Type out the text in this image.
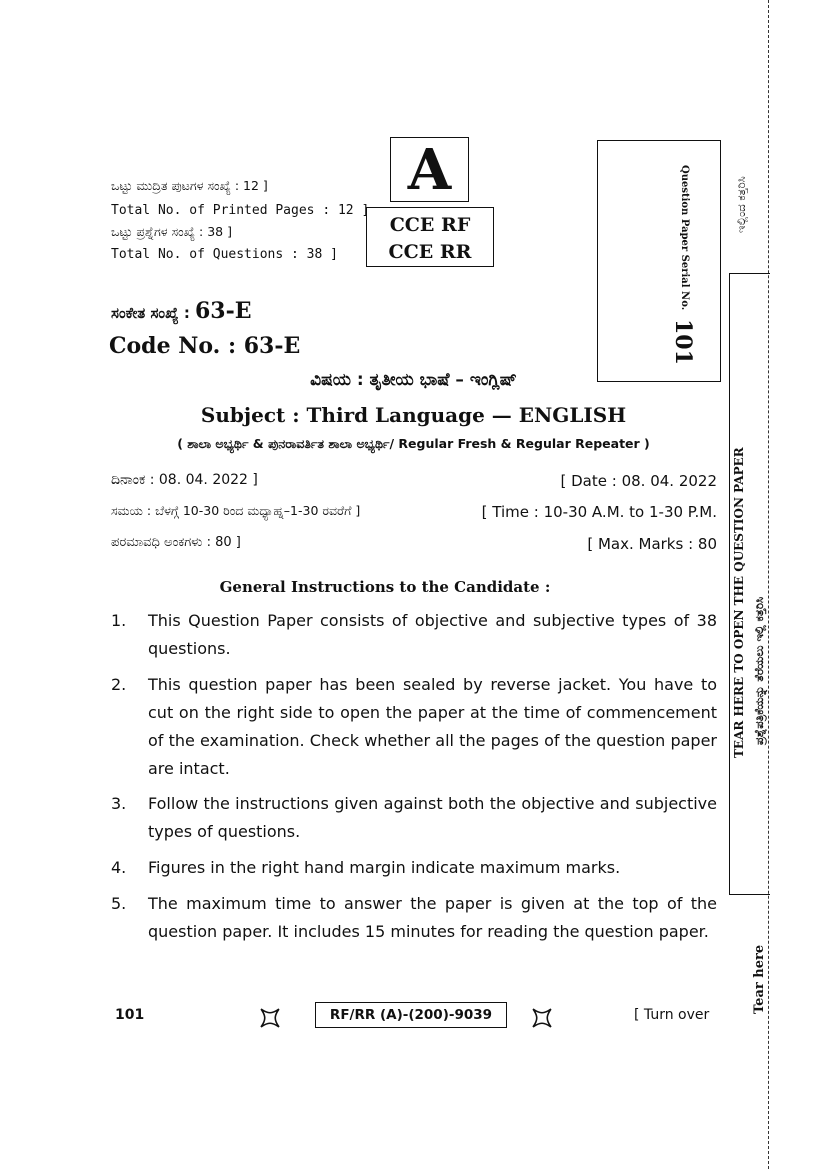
ಒಟ್ಟು ಮುದ್ರಿತ ಪುಟಗಳ ಸಂಖ್ಯೆ : 12 ]
Total No. of Printed Pages : 12 ]
ಒಟ್ಟು ಪ್ರಶ್ನೆಗಳ ಸಂಖ್ಯೆ : 38 ]
Total No. of Questions : 38 ]
A
CCE RF
CCE RR	Question Paper Serial No.
101
ಸಂಕೇತ ಸಂಖ್ಯೆ : 63-E
Code No. : 63-E
ವಿಷಯ : ತೃತೀಯ ಭಾಷೆ – ಇಂಗ್ಲಿಷ್
Subject : Third Language — ENGLISH
( ಶಾಲಾ ಅಭ್ಯರ್ಥಿ & ಪುನರಾವರ್ತಿತ ಶಾಲಾ ಅಭ್ಯರ್ಥಿ/ Regular Fresh & Regular Repeater )
ದಿನಾಂಕ : 08. 04. 2022 ]	[ Date : 08. 04. 2022
ಸಮಯ : ಬೆಳಗ್ಗೆ 10-30 ರಿಂದ ಮಧ್ಯಾಹ್ನ–1-30 ರವರೆಗೆ ]	[ Time : 10-30 A.M. to 1-30 P.M.
ಪರಮಾವಧಿ ಅಂಕಗಳು : 80 ]	[ Max. Marks : 80
General Instructions to the Candidate :
1. This Question Paper consists of objective and subjective types of 38 questions.
2. This question paper has been sealed by reverse jacket. You have to cut on the right side to open the paper at the time of commencement of the examination. Check whether all the pages of the question paper are intact.
3. Follow the instructions given against both the objective and subjective types of questions.
4. Figures in the right hand margin indicate maximum marks.
5. The maximum time to answer the paper is given at the top of the question paper. It includes 15 minutes for reading the question paper.
101	RF/RR (A)-(200)-9039	[ Turn over
ಇಲ್ಲಿಂದ ಕತ್ತರಿಸಿ
TEAR HERE TO OPEN THE QUESTION PAPER ಪ್ರಶ್ನೆಪತ್ರಿಕೆಯನ್ನು ತೆರೆಯಲು ಇಲ್ಲಿ ಕತ್ತರಿಸಿ
Tear here
